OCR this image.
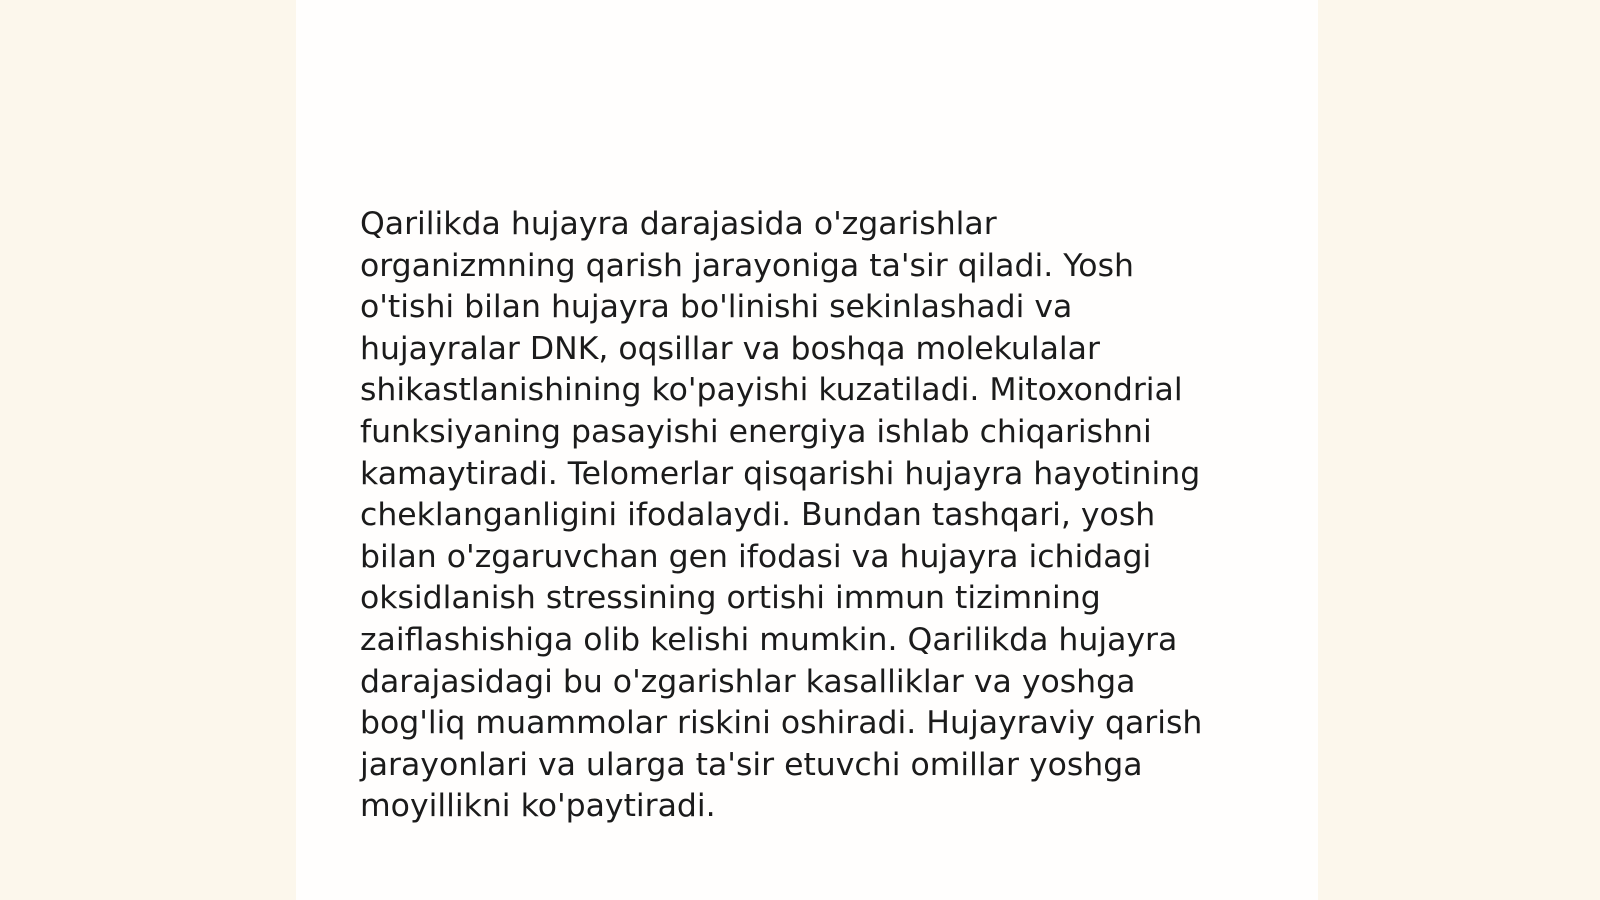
Qarilikda hujayra darajasida o'zgarishlar
organizmning qarish jarayoniga ta'sir qiladi. Yosh
o'tishi bilan hujayra bo'linishi sekinlashadi va
hujayralar DNK, oqsillar va boshqa molekulalar
shikastlanishining ko'payishi kuzatiladi. Mitoxondrial
funksiyaning pasayishi energiya ishlab chiqarishni
kamaytiradi. Telomerlar qisqarishi hujayra hayotining
cheklanganligini ifodalaydi. Bundan tashqari, yosh
bilan o'zgaruvchan gen ifodasi va hujayra ichidagi
oksidlanish stressining ortishi immun tizimning
zaiflashishiga olib kelishi mumkin. Qarilikda hujayra
darajasidagi bu o'zgarishlar kasalliklar va yoshga
bog'liq muammolar riskini oshiradi. Hujayraviy qarish
jarayonlari va ularga ta'sir etuvchi omillar yoshga
moyillikni ko'paytiradi.
